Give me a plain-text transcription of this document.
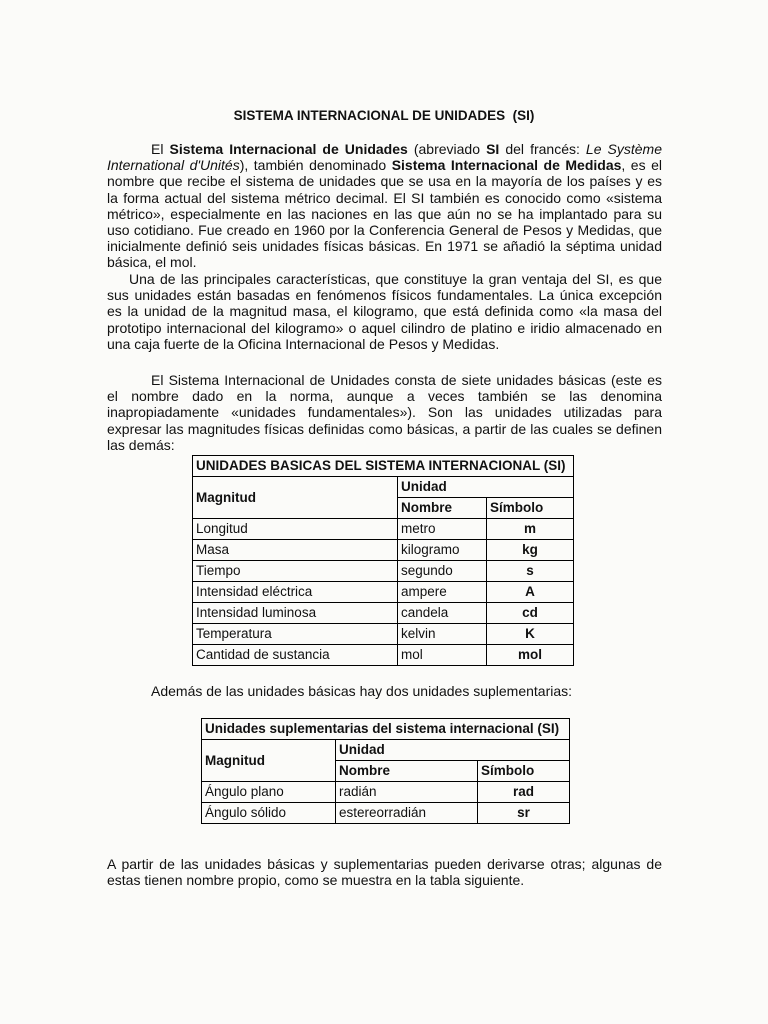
SISTEMA INTERNACIONAL DE UNIDADES  (SI)
El Sistema Internacional de Unidades (abreviado SI del francés: Le Système International d'Unités), también denominado Sistema Internacional de Medidas, es el nombre que recibe el sistema de unidades que se usa en la mayoría de los países y es la forma actual del sistema métrico decimal. El SI también es conocido como «sistema métrico», especialmente en las naciones en las que aún no se ha implantado para su uso cotidiano. Fue creado en 1960 por la Conferencia General de Pesos y Medidas, que inicialmente definió seis unidades físicas básicas. En 1971 se añadió la séptima unidad básica, el mol.
Una de las principales características, que constituye la gran ventaja del SI, es que sus unidades están basadas en fenómenos físicos fundamentales. La única excepción es la unidad de la magnitud masa, el kilogramo, que está definida como «la masa del prototipo internacional del kilogramo» o aquel cilindro de platino e iridio almacenado en una caja fuerte de la Oficina Internacional de Pesos y Medidas.
El Sistema Internacional de Unidades consta de siete unidades básicas (este es el nombre dado en la norma, aunque a veces también se las denomina inapropiadamente «unidades fundamentales»). Son las unidades utilizadas para expresar las magnitudes físicas definidas como básicas, a partir de las cuales se definen las demás:
UNIDADES BASICAS DEL SISTEMA INTERNACIONAL (SI)		
Magnitud	Unidad	
	Nombre	Símbolo
Longitud	metro	m
Masa	kilogramo	kg
Tiempo	segundo	s
Intensidad eléctrica	ampere	A
Intensidad luminosa	candela	cd
Temperatura	kelvin	K
Cantidad de sustancia	mol	mol
Además de las unidades básicas hay dos unidades suplementarias:
Unidades suplementarias del sistema internacional (SI)		
Magnitud	Unidad	
	Nombre	Símbolo
Ángulo plano	radián	rad
Ángulo sólido	estereorradián	sr
A partir de las unidades básicas y suplementarias pueden derivarse otras; algunas de estas tienen nombre propio, como se muestra en la tabla siguiente.
